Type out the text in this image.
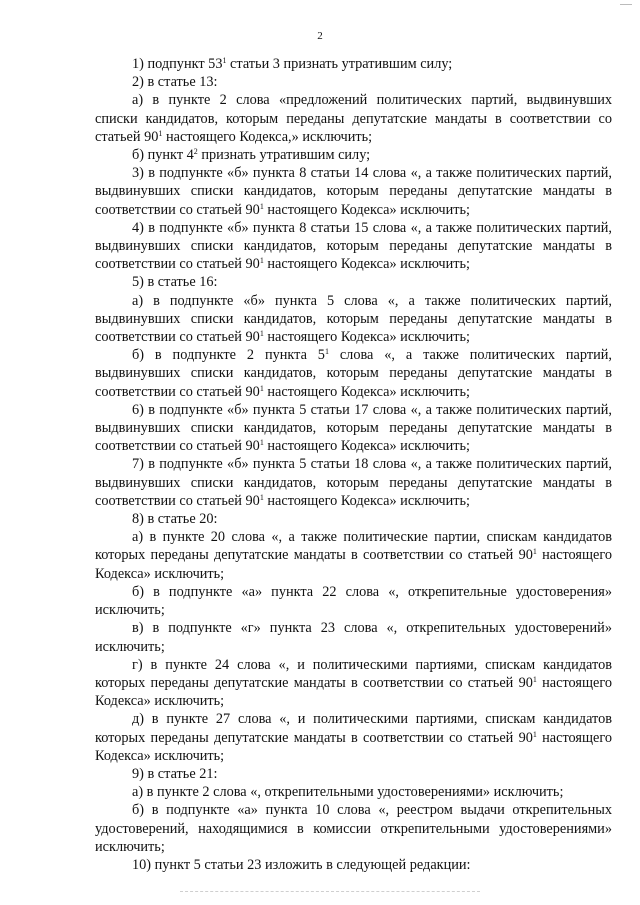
2

1) подпункт $53^1$ статьи 3 признать утратившим силу;

2) в статье 13:

а) в пункте 2 слова «предложений политических партий, выдвинувших списки кандидатов, которым переданы депутатские мандаты в соответствии со статьей $90^1$ настоящего Кодекса,» исключить;

б) пункт $4^2$ признать утратившим силу;

3) в подпункте «б» пункта 8 статьи 14 слова «, а также политических партий, выдвинувших списки кандидатов, которым переданы депутатские мандаты в соответствии со статьей $90^1$ настоящего Кодекса» исключить;

4) в подпункте «б» пункта 8 статьи 15 слова «, а также политических партий, выдвинувших списки кандидатов, которым переданы депутатские мандаты в соответствии со статьей $90^1$ настоящего Кодекса» исключить;

5) в статье 16:

а) в подпункте «б» пункта 5 слова «, а также политических партий, выдвинувших списки кандидатов, которым переданы депутатские мандаты в соответствии со статьей $90^1$ настоящего Кодекса» исключить;

б) в подпункте 2 пункта $5^1$ слова «, а также политических партий, выдвинувших списки кандидатов, которым переданы депутатские мандаты в соответствии со статьей $90^1$ настоящего Кодекса» исключить;

6) в подпункте «б» пункта 5 статьи 17 слова «, а также политических партий, выдвинувших списки кандидатов, которым переданы депутатские мандаты в соответствии со статьей $90^1$ настоящего Кодекса» исключить;

7) в подпункте «б» пункта 5 статьи 18 слова «, а также политических партий, выдвинувших списки кандидатов, которым переданы депутатские мандаты в соответствии со статьей $90^1$ настоящего Кодекса» исключить;

8) в статье 20:

а) в пункте 20 слова «, а также политические партии, спискам кандидатов которых переданы депутатские мандаты в соответствии со статьей $90^1$ настоящего Кодекса» исключить;

б) в подпункте «а» пункта 22 слова «, открепительные удостоверения» исключить;

в) в подпункте «г» пункта 23 слова «, открепительных удостоверений» исключить;

г) в пункте 24 слова «, и политическими партиями, спискам кандидатов которых переданы депутатские мандаты в соответствии со статьей $90^1$ настоящего Кодекса» исключить;

д) в пункте 27 слова «, и политическими партиями, спискам кандидатов которых переданы депутатские мандаты в соответствии со статьей $90^1$ настоящего Кодекса» исключить;

9) в статье 21:

а) в пункте 2 слова «, открепительными удостоверениями» исключить;

б) в подпункте «а» пункта 10 слова «, реестром выдачи открепительных удостоверений, находящимися в комиссии открепительными удостоверениями» исключить;

10) пункт 5 статьи 23 изложить в следующей редакции:
